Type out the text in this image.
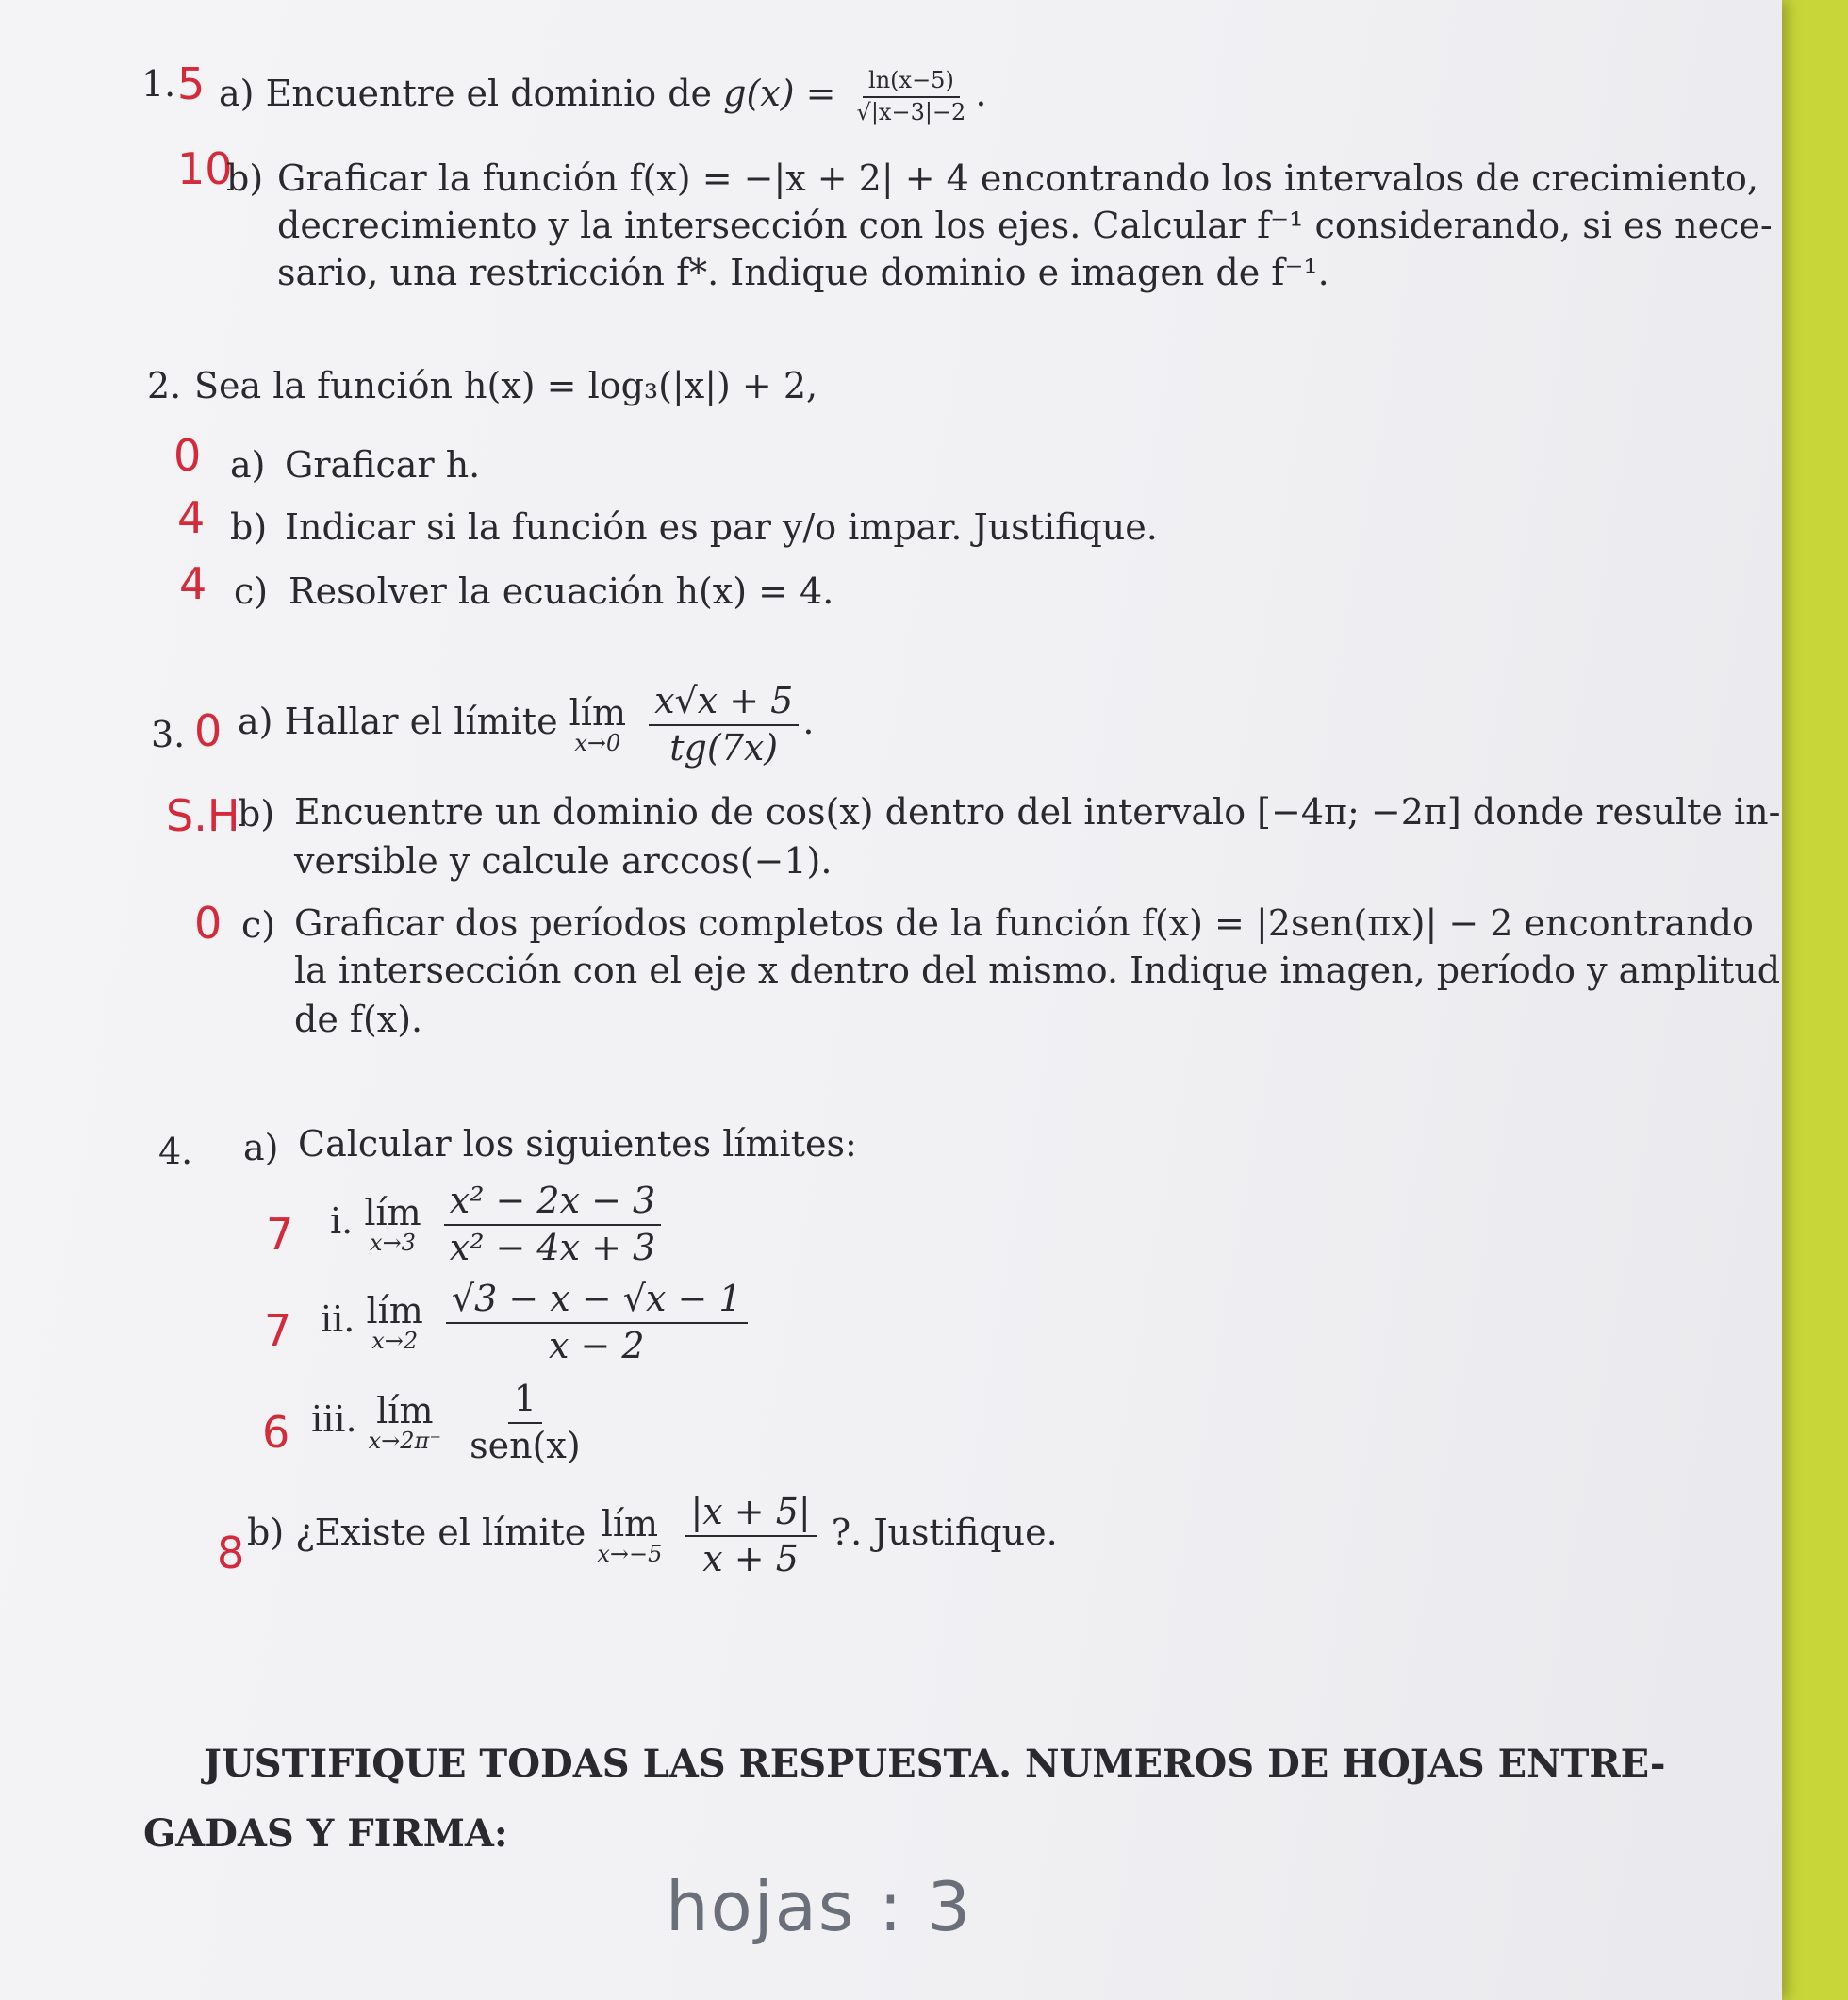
1. 5 a) Encuentre el dominio de $g(x) = \frac{\ln(x-5)}{√|x-3|-2}$ .
10
b) Graficar la función f(x) = −|x + 2| + 4 encontrando los intervalos de crecimiento,
decrecimiento y la intersección con los ejes. Calcular f⁻¹ considerando, si es nece-
sario, una restricción f*. Indique dominio e imagen de f⁻¹.
2. Sea la función h(x) = log₃(|x|) + 2,
0 a) Graficar h.
4 b) Indicar si la función es par y/o impar. Justifique.
4 c) Resolver la ecuación h(x) = 4.
3. 0 a) Hallar el límite lím
x→0
$\frac{x√x + 5}{tg(7x)}$ .
S.H
b) Encuentre un dominio de cos(x) dentro del intervalo [−4π; −2π] donde resulte in-
versible y calcule arccos(−1).
0 c) Graficar dos períodos completos de la función f(x) = |2sen(πx)| − 2 encontrando
la intersección con el eje x dentro del mismo. Indique imagen, período y amplitud
de f(x).
4. a) Calcular los siguientes límites:
7 i. lím
x→3
$\frac{\text{x² − 2x − 3}}{\text{x² − 4x + 3}}$
7 ii. lím
x→2
$\frac{√3 - x - √x - 1}{x - 2}$
6 iii. lím
x→2π⁻
$\frac{1}{\text{sen(x)}}$
8 b) ¿Existe el límite lím
x→−5
$\frac{|x + 5|}{x + 5}$ ?. Justifique.
JUSTIFIQUE TODAS LAS RESPUESTA. NUMEROS DE HOJAS ENTRE-
GADAS Y FIRMA:
hojas : 3
